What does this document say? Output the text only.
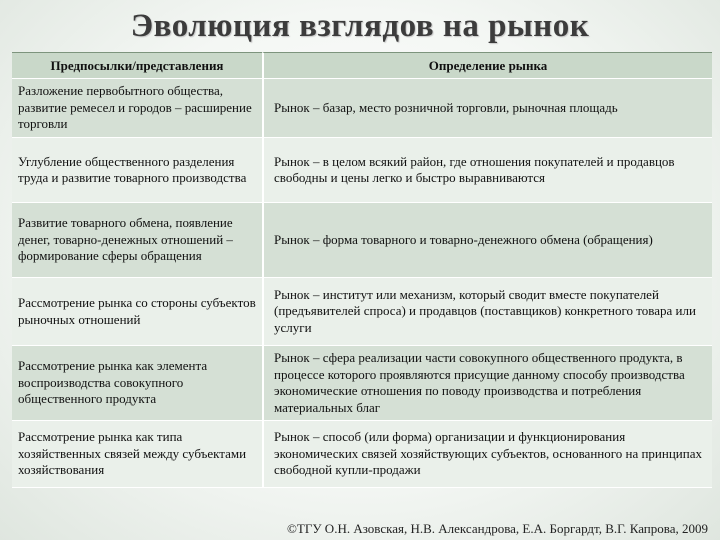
Эволюция взглядов на рынок
Предпосылки/представления	Определение рынка
Разложение первобытного общества, развитие ремесел и городов – расширение торговли	Рынок – базар, место розничной торговли, рыночная площадь
Углубление общественного разделения труда и развитие товарного производства	Рынок – в целом всякий район, где отношения покупателей и продавцов свободны и цены легко и быстро выравниваются
Развитие товарного обмена, появление денег, товарно-денежных отношений – формирование сферы обращения	Рынок – форма товарного и товарно-денежного обмена (обращения)
Рассмотрение рынка со стороны субъектов рыночных отношений	Рынок – институт или механизм, который сводит вместе покупателей (предъявителей спроса) и продавцов (поставщиков) конкретного товара или услуги
Рассмотрение рынка как элемента воспроизводства совокупного общественного продукта	Рынок – сфера реализации части совокупного общественного продукта, в процессе которого проявляются присущие данному способу производства экономические отношения по поводу производства и потребления материальных благ
Рассмотрение рынка как типа хозяйственных связей между субъектами хозяйствования	Рынок – способ (или форма) организации и функционирования экономических связей хозяйствующих субъектов, основанного на принципах свободной купли-продажи
©ТГУ О.Н. Азовская, Н.В. Александрова, Е.А. Боргардт, В.Г. Капрова, 2009
